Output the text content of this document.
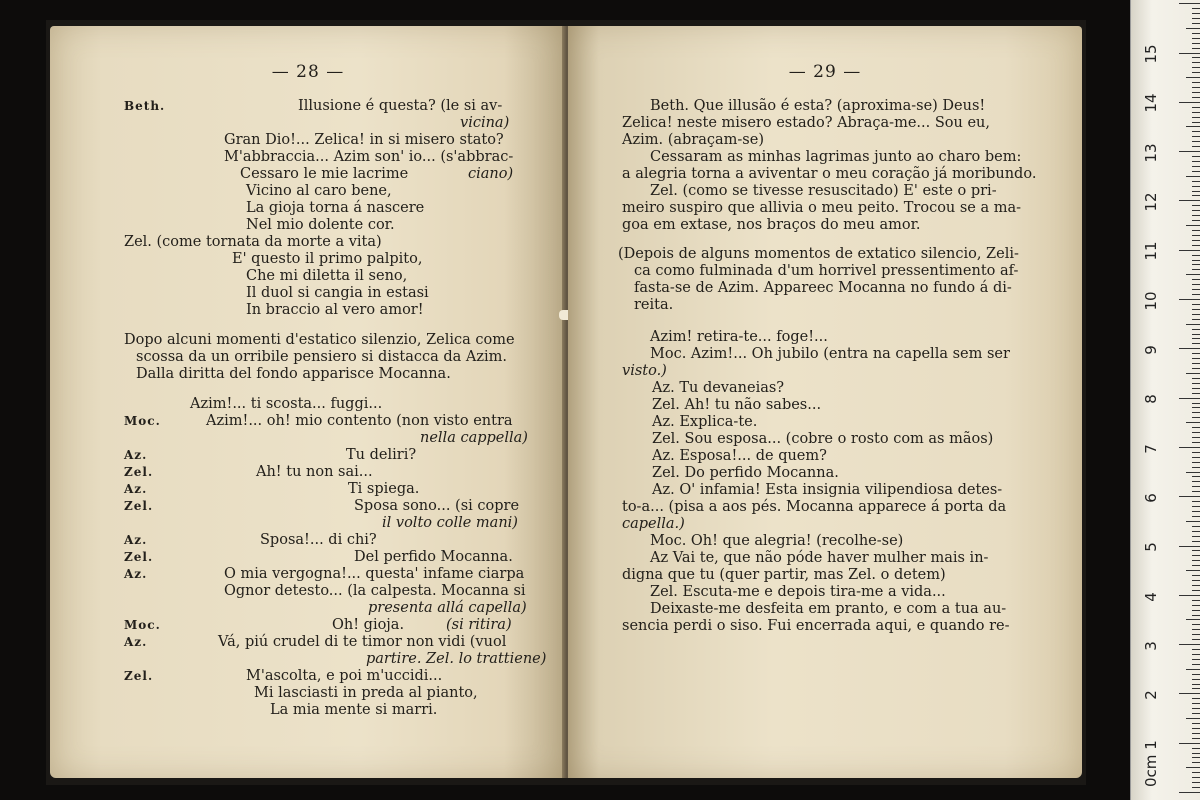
— 28 —
Beth.	Illusione é questa? (le si av-
vicina)
Gran Dio!... Zelica! in si misero stato?
M'abbraccia... Azim son' io... (s'abbrac-
Cessaro le mie lacrime	ciano)
Vicino al caro bene,
La gioja torna á nascere
Nel mio dolente cor.
Zel. (come tornata da morte a vita)
E' questo il primo palpito,
Che mi diletta il seno,
Il duol si cangia in estasi
In braccio al vero amor!
Dopo alcuni momenti d'estatico silenzio, Zelica come
scossa da un orribile pensiero si distacca da Azim.
Dalla diritta del fondo apparisce Mocanna.
Azim!... ti scosta... fuggi...
Moc.	Azim!... oh! mio contento (non visto entra
nella cappella)
Az.	Tu deliri?
Zel.	Ah! tu non sai...
Az.	Ti spiega.
Zel.	Sposa sono... (si copre
il volto colle mani)
Az.	Sposa!... di chi?
Zel.	Del perfido Mocanna.
Az.	O mia vergogna!... questa' infame ciarpa
Ognor detesto... (la calpesta. Mocanna si
presenta allá capella)
Moc.	Oh! gioja.	(si ritira)
Az.	Vá, piú crudel di te timor non vidi (vuol
partire. Zel. lo trattiene)
Zel.	M'ascolta, e poi m'uccidi...
Mi lasciasti in preda al pianto,
La mia mente si marri.
— 29 —
Beth. Que illusão é esta? (aproxima-se) Deus!
Zelica! neste misero estado? Abraça-me... Sou eu,
Azim. (abraçam-se)
Cessaram as minhas lagrimas junto ao charo bem:
a alegria torna a aviventar o meu coração já moribundo.
Zel. (como se tivesse resuscitado) E' este o pri-
meiro suspiro que allivia o meu peito. Trocou se a ma-
goa em extase, nos braços do meu amor.
(Depois de alguns momentos de extatico silencio, Zeli-
ca como fulminada d'um horrivel pressentimento af-
fasta-se de Azim. Appareec Mocanna no fundo á di-
reita.
Azim! retira-te... foge!...
Moc. Azim!... Oh jubilo (entra na capella sem ser
visto.)
Az. Tu devaneias?
Zel. Ah! tu não sabes...
Az. Explica-te.
Zel. Sou esposa... (cobre o rosto com as mãos)
Az. Esposa!... de quem?
Zel. Do perfido Mocanna.
Az. O' infamia! Esta insignia vilipendiosa detes-
to-a... (pisa a aos pés. Mocanna apparece á porta da
capella.)
Moc. Oh! que alegria! (recolhe-se)
Az Vai te, que não póde haver mulher mais in-
digna que tu (quer partir, mas Zel. o detem)
Zel. Escuta-me e depois tira-me a vida...
Deixaste-me desfeita em pranto, e com a tua au-
sencia perdi o siso. Fui encerrada aqui, e quando re-
0cm
1
2
3
4
5
6
7
8
9
10
11
12
13
14
15
